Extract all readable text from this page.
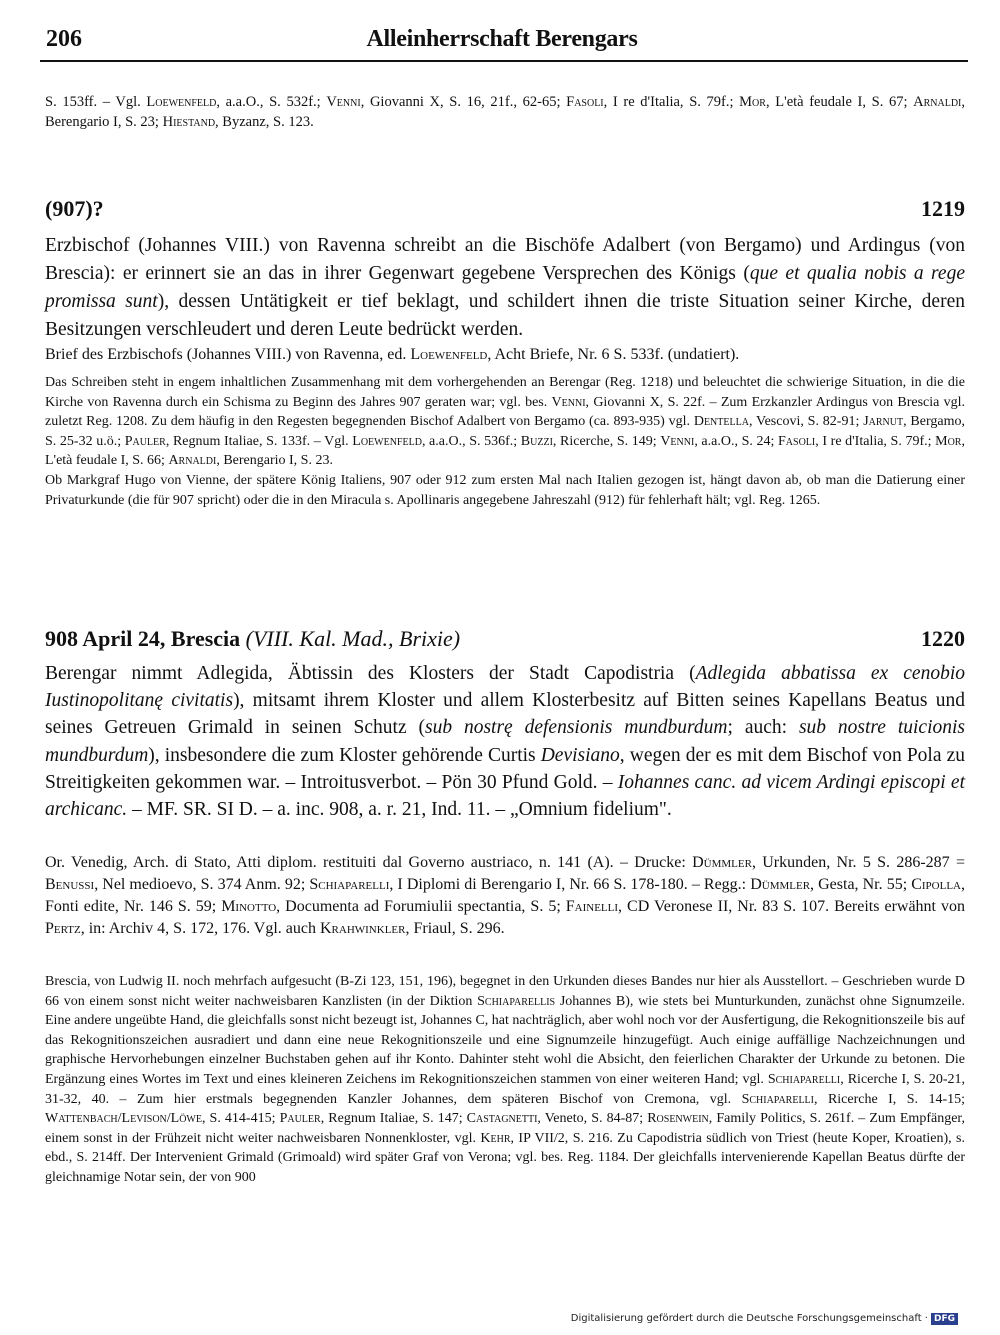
206	Alleinherrschaft Berengars

S. 153ff. – Vgl. Loewenfeld, a.a.O., S. 532f.; Venni, Giovanni X, S. 16, 21f., 62-65; Fasoli, I re d'Italia, S. 79f.; Mor, L'età feudale I, S. 67; Arnaldi, Berengario I, S. 23; Hiestand, Byzanz, S. 123.

(907)?	1219

Erzbischof (Johannes VIII.) von Ravenna schreibt an die Bischöfe Adalbert (von Bergamo) und Ardingus (von Brescia): er erinnert sie an das in ihrer Gegenwart gegebene Versprechen des Königs (que et qualia nobis a rege promissa sunt), dessen Untätigkeit er tief beklagt, und schildert ihnen die triste Situation seiner Kirche, deren Besitzungen verschleudert und deren Leute bedrückt werden.

Brief des Erzbischofs (Johannes VIII.) von Ravenna, ed. Loewenfeld, Acht Briefe, Nr. 6 S. 533f. (undatiert).

Das Schreiben steht in engem inhaltlichen Zusammenhang mit dem vorhergehenden an Berengar (Reg. 1218) und beleuchtet die schwierige Situation, in die die Kirche von Ravenna durch ein Schisma zu Beginn des Jahres 907 geraten war; vgl. bes. Venni, Giovanni X, S. 22f. – Zum Erzkanzler Ardingus von Brescia vgl. zuletzt Reg. 1208. Zu dem häufig in den Regesten begegnenden Bischof Adalbert von Bergamo (ca. 893-935) vgl. Dentella, Vescovi, S. 82-91; Jarnut, Bergamo, S. 25-32 u.ö.; Pauler, Regnum Italiae, S. 133f. – Vgl. Loewenfeld, a.a.O., S. 536f.; Buzzi, Ricerche, S. 149; Venni, a.a.O., S. 24; Fasoli, I re d'Italia, S. 79f.; Mor, L'età feudale I, S. 66; Arnaldi, Berengario I, S. 23.

Ob Markgraf Hugo von Vienne, der spätere König Italiens, 907 oder 912 zum ersten Mal nach Italien gezogen ist, hängt davon ab, ob man die Datierung einer Privaturkunde (die für 907 spricht) oder die in den Miracula s. Apollinaris angegebene Jahreszahl (912) für fehlerhaft hält; vgl. Reg. 1265.

908 April 24, Brescia (VIII. Kal. Mad., Brixie)	1220

Berengar nimmt Adlegida, Äbtissin des Klosters der Stadt Capodistria (Adlegida abbatissa ex cenobio Iustinopolitanę civitatis), mitsamt ihrem Kloster und allem Klosterbesitz auf Bitten seines Kapellans Beatus und seines Getreuen Grimald in seinen Schutz (sub nostrę defensionis mundburdum; auch: sub nostre tuicionis mundburdum), insbesondere die zum Kloster gehörende Curtis Devisiano, wegen der es mit dem Bischof von Pola zu Streitigkeiten gekommen war. – Introitusverbot. – Pön 30 Pfund Gold. – Iohannes canc. ad vicem Ardingi episcopi et archicanc. – MF. SR. SI D. – a. inc. 908, a. r. 21, Ind. 11. – „Omnium fidelium".

Or. Venedig, Arch. di Stato, Atti diplom. restituiti dal Governo austriaco, n. 141 (A). – Drucke: Dümmler, Urkunden, Nr. 5 S. 286-287 = Benussi, Nel medioevo, S. 374 Anm. 92; Schiaparelli, I Diplomi di Berengario I, Nr. 66 S. 178-180. – Regg.: Dümmler, Gesta, Nr. 55; Cipolla, Fonti edite, Nr. 146 S. 59; Minotto, Documenta ad Forumiulii spectantia, S. 5; Fainelli, CD Veronese II, Nr. 83 S. 107. Bereits erwähnt von Pertz, in: Archiv 4, S. 172, 176. Vgl. auch Krahwinkler, Friaul, S. 296.

Brescia, von Ludwig II. noch mehrfach aufgesucht (B-Zi 123, 151, 196), begegnet in den Urkunden dieses Bandes nur hier als Ausstellort. – Geschrieben wurde D 66 von einem sonst nicht weiter nachweisbaren Kanzlisten (in der Diktion Schiaparellis Johannes B), wie stets bei Munturkunden, zunächst ohne Signumzeile. Eine andere ungeübte Hand, die gleichfalls sonst nicht bezeugt ist, Johannes C, hat nachträglich, aber wohl noch vor der Ausfertigung, die Rekognitionszeile bis auf das Rekognitionszeichen ausradiert und dann eine neue Rekognitionszeile und eine Signumzeile hinzugefügt. Auch einige auffällige Nachzeichnungen und graphische Hervorhebungen einzelner Buchstaben gehen auf ihr Konto. Dahinter steht wohl die Absicht, den feierlichen Charakter der Urkunde zu betonen. Die Ergänzung eines Wortes im Text und eines kleineren Zeichens im Rekognitionszeichen stammen von einer weiteren Hand; vgl. Schiaparelli, Ricerche I, S. 20-21, 31-32, 40. – Zum hier erstmals begegnenden Kanzler Johannes, dem späteren Bischof von Cremona, vgl. Schiaparelli, Ricerche I, S. 14-15; Wattenbach/Levison/Löwe, S. 414-415; Pauler, Regnum Italiae, S. 147; Castagnetti, Veneto, S. 84-87; Rosenwein, Family Politics, S. 261f. – Zum Empfänger, einem sonst in der Frühzeit nicht weiter nachweisbaren Nonnenkloster, vgl. Kehr, IP VII/2, S. 216. Zu Capodistria südlich von Triest (heute Koper, Kroatien), s. ebd., S. 214ff. Der Intervenient Grimald (Grimoald) wird später Graf von Verona; vgl. bes. Reg. 1184. Der gleichfalls intervenierende Kapellan Beatus dürfte der gleichnamige Notar sein, der von 900

Digitalisierung gefördert durch die Deutsche Forschungsgemeinschaft · DFG
